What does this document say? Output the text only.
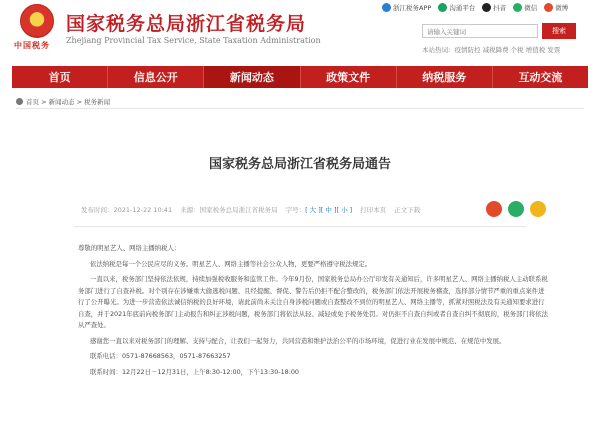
中国税务
国家税务总局浙江省税务局
Zhejiang Provincial Tax Service, State Taxation Administration
浙江税务APP	沟通平台	抖音	微信	微博
请输入关键词	搜索
本站热词：疫情防控 减税降费 个税 增值税 发票
首页	信息公开	新闻动态	政策文件	纳税服务	互动交流
首页 > 新闻动态 > 税务新闻
国家税务总局浙江省税务局通告
发布时间：2021-12-22 10:41 来源：国家税务总局浙江省税务局 字号：[ 大 ][ 中 ][ 小 ] 打印本页 正文下载

尊敬的明星艺人、网络主播纳税人：

依法纳税是每一个公民应尽的义务。明星艺人、网络主播等社会公众人物，更要严格遵守税法规定。

一直以来，税务部门坚持依法依规，持续加强税收服务和监管工作。今年9月份，国家税务总局办公厅印发有关通知后，许多明星艺人、网络主播纳税人主动联系税务部门进行了自查补税。对个别存在涉嫌重大偷逃税问题、且经提醒、督促、警告后仍拒不配合整改的，税务部门依法开展税务稽查，选择部分情节严重的重点案件进行了公开曝光。为进一步营造依法诚信纳税的良好环境，请此前尚未关注自身涉税问题或自查整改不到位的明星艺人、网络主播等，抓紧对照税法及有关通知要求进行自查，并于2021年底前向税务部门主动报告和纠正涉税问题，税务部门将依法从轻、减轻或免予税务处罚。对仍拒不自查自纠或者自查自纠不彻底的，税务部门将依法从严查处。

感谢您一直以来对税务部门的理解、支持与配合，让我们一起努力，共同营造和维护法治公平的市场环境，促进行业在发展中规范、在规范中发展。

联系电话：0571-87668563，0571-87663257

联系时间：12月22日－12月31日，上午8:30-12:00，下午13:30-18:00
